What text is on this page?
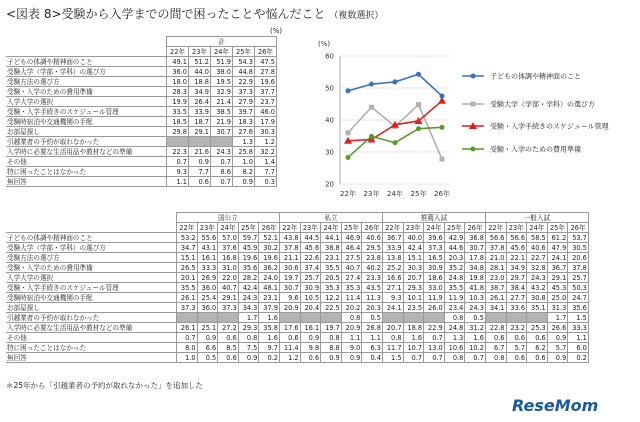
<図表 8>受験から入学までの間で困ったことや悩んだこと （複数選択）
(%)
	計				
	22年	23年	24年	25年	26年
子どもの体調や精神面のこと	49.1	51.2	51.9	54.3	47.5
受験大学（学部・学科）の選び方	36.0	44.0	38.0	44.8	27.8
受験方法の選び方	18.0	18.8	19.5	22.9	19.6
受験・入学のための費用準備	28.3	34.9	32.9	37.3	37.7
入学大学の選択	19.9	26.4	21.4	27.9	23.7
受験・入学手続きのスケジュール管理	33.5	33.9	38.5	39.7	46.0
受験時宿泊や交通機関の手配	18.5	18.7	21.9	18.3	17.9
お部屋探し	29.8	29.1	30.7	27.6	30.3
引越業者の予約が取れなかった				1.3	1.2
入学時に必要な生活用品や教材などの準備	22.3	21.6	24.3	25.8	32.2
その他	0.7	0.9	0.7	1.0	1.4
特に困ったことはなかった	9.3	7.7	8.6	8.2	7.7
無回答	1.1	0.6	0.7	0.9	0.3
	国公立					私立					推薦入試					一般入試				
	22年	23年	24年	25年	26年	22年	23年	24年	25年	26年	22年	23年	24年	25年	26年	22年	23年	24年	25年	26年
子どもの体調や精神面のこと	53.2	55.6	57.0	59.7	52.1	43.8	44.5	44.1	46.9	40.6	36.7	40.0	39.6	42.9	36.8	56.6	56.6	58.5	61.2	53.7
受験大学（学部・学科）の選び方	34.7	43.1	37.6	45.9	30.2	37.8	45.6	38.8	46.4	29.5	33.9	42.4	37.3	44.6	30.7	37.8	45.6	40.6	47.9	30.5
受験方法の選び方	15.1	16.1	16.8	19.6	19.6	21.1	22.6	23.1	27.5	23.8	13.8	15.1	16.5	20.3	17.8	21.0	22.1	22.7	24.1	20.6
受験・入学のための費用準備	26.5	33.3	31.0	35.6	36.2	30.6	37.4	35.5	40.7	40.2	25.2	30.3	30.9	35.2	34.8	28.1	34.9	32.8	36.7	37.8
入学大学の選択	20.1	26.9	22.0	28.2	24.0	19.7	25.7	20.5	27.4	23.3	16.6	20.7	18.6	24.8	19.8	23.0	29.7	24.3	29.1	25.7
受験・入学手続きのスケジュール管理	35.5	36.0	40.7	42.4	48.1	30.7	30.9	35.3	35.3	43.5	27.1	29.3	33.0	35.5	41.8	38.7	38.4	43.2	45.3	50.3
受験時宿泊や交通機関の手配	26.1	25.4	29.1	24.3	23.1	9.6	10.5	12.2	11.4	11.3	9.3	10.1	11.9	11.9	10.3	26.1	27.7	30.8	25.0	24.7
お部屋探し	37.3	36.0	37.3	34.3	37.9	20.9	20.4	22.5	20.2	20.3	24.1	23.5	26.0	23.4	24.3	34.1	33.6	35.1	31.3	35.6
引越業者の予約が取れなかった				1.7	1.6				0.8	0.5				0.8	0.5				1.7	1.5
入学時に必要な生活用品や教材などの準備	26.1	25.1	27.2	29.3	35.8	17.6	16.1	19.7	20.9	26.8	20.7	18.8	22.9	24.8	31.2	22.8	23.2	25.3	26.6	33.3
その他	0.7	0.9	0.6	0.8	1.6	0.6	0.9	0.8	1.1	1.1	0.8	1.6	0.7	1.3	1.6	0.6	0.6	0.6	0.9	1.1
特に困ったことはなかった	8.0	6.6	8.5	7.5	9.7	11.4	9.8	8.8	9.0	6.3	11.7	10.7	13.0	10.6	10.2	6.7	5.7	6.2	5.7	6.0
無回答	1.0	0.5	0.6	0.9	0.2	1.2	0.6	0.9	0.9	0.4	1.5	0.7	0.7	0.8	0.7	0.8	0.6	0.6	0.9	0.2
(%)
20
30
40
50
60
22年 23年 24年 25年 26年
子どもの体調や精神面のこと
受験大学（学部・学科）の選び方
受験・入学手続きのスケジュール管理
受験・入学のための費用準備
＊25年から「引越業者の予約が取れなかった」を追加した
ReseMom
